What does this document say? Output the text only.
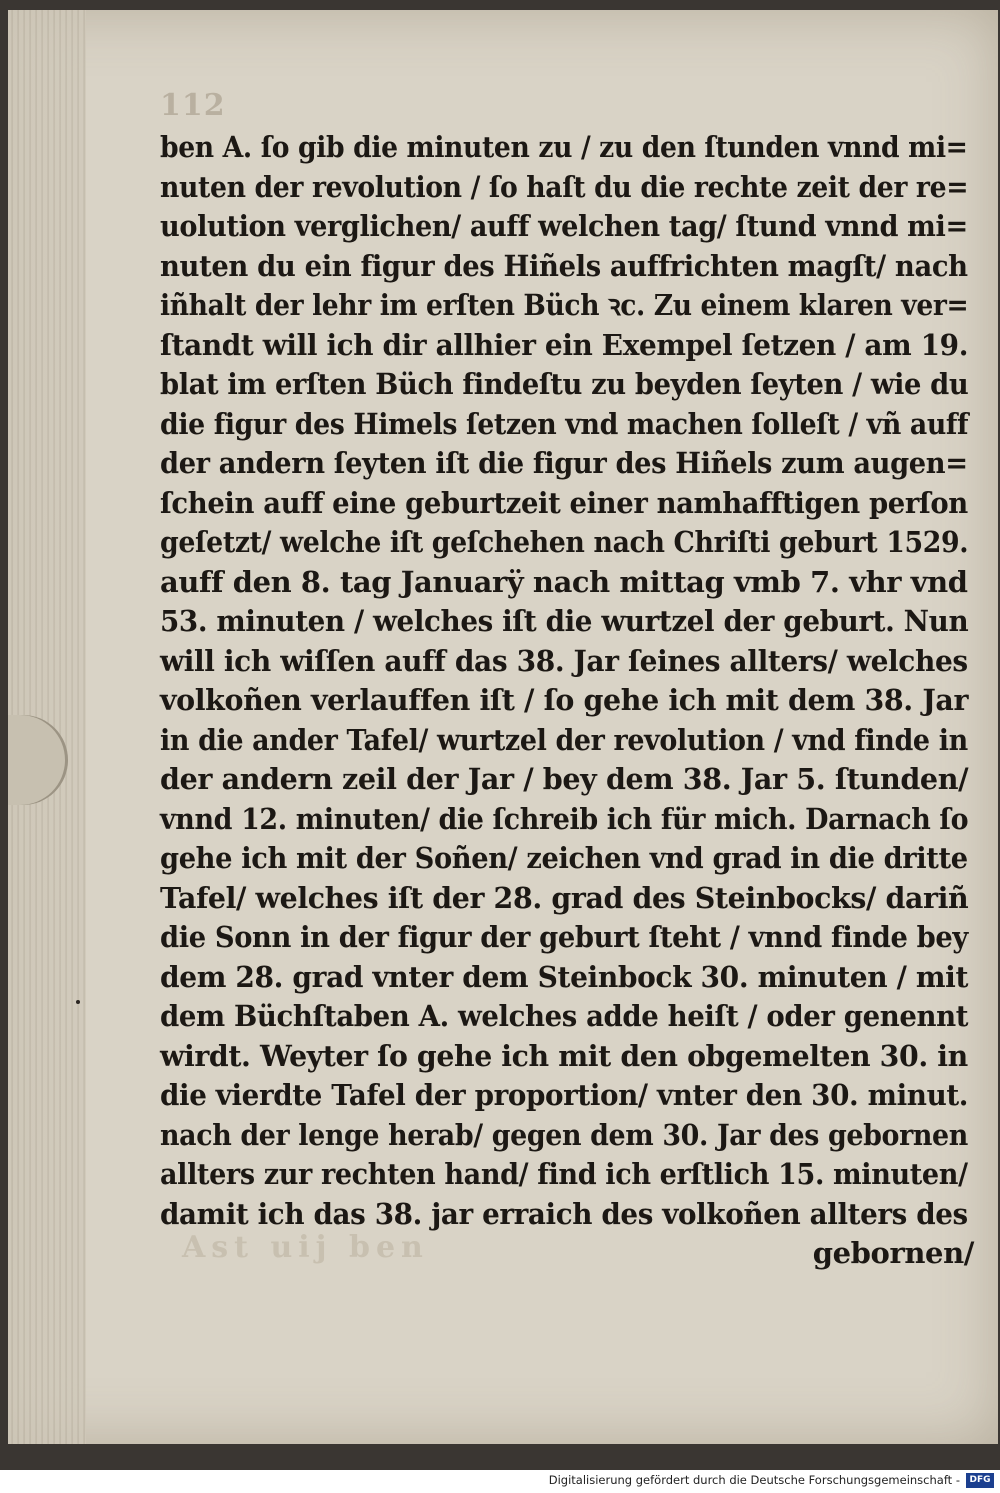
112
ben A. ſo gib die minuten zu / zu den ſtunden vnnd mi=
nuten der revolution / ſo haſt du die rechte zeit der re=
uolution verglichen/ auff welchen tag/ ſtund vnnd mi=
nuten du ein figur des Hiñels auffrichten magſt/ nach
iñhalt der lehr im erſten Büch ꝛc. Zu einem klaren ver=
ſtandt will ich dir allhier ein Exempel ſetzen / am 19.
blat im erſten Büch findeſtu zu beyden ſeyten / wie du
die figur des Himels ſetzen vnd machen ſolleſt / vñ auff
der andern ſeyten iſt die figur des Hiñels zum augen=
ſchein auff eine geburtzeit einer namhafftigen perſon
geſetzt/ welche iſt geſchehen nach Chriſti geburt 1529.
auff den 8. tag Januarÿ nach mittag vmb 7. vhr vnd
53. minuten / welches iſt die wurtzel der geburt. Nun
will ich wiſſen auff das 38. Jar ſeines allters/ welches
volkoñen verlauffen iſt / ſo gehe ich mit dem 38. Jar
in die ander Tafel/ wurtzel der revolution / vnd finde in
der andern zeil der Jar / bey dem 38. Jar 5. ſtunden/
vnnd 12. minuten/ die ſchreib ich für mich. Darnach ſo
gehe ich mit der Soñen/ zeichen vnd grad in die dritte
Tafel/ welches iſt der 28. grad des Steinbocks/ dariñ
die Sonn in der figur der geburt ſteht / vnnd finde bey
dem 28. grad vnter dem Steinbock 30. minuten / mit
dem Büchſtaben A. welches adde heiſt / oder genennt
wirdt. Weyter ſo gehe ich mit den obgemelten 30. in
die vierdte Tafel der proportion/ vnter den 30. minut.
nach der lenge herab/ gegen dem 30. Jar des gebornen
allters zur rechten hand/ find ich erſtlich 15. minuten/
damit ich das 38. jar erraich des volkoñen allters des
gebornen/
Ast uij ben
Digitalisierung gefördert durch die Deutsche Forschungsgemeinschaft -	DFG
